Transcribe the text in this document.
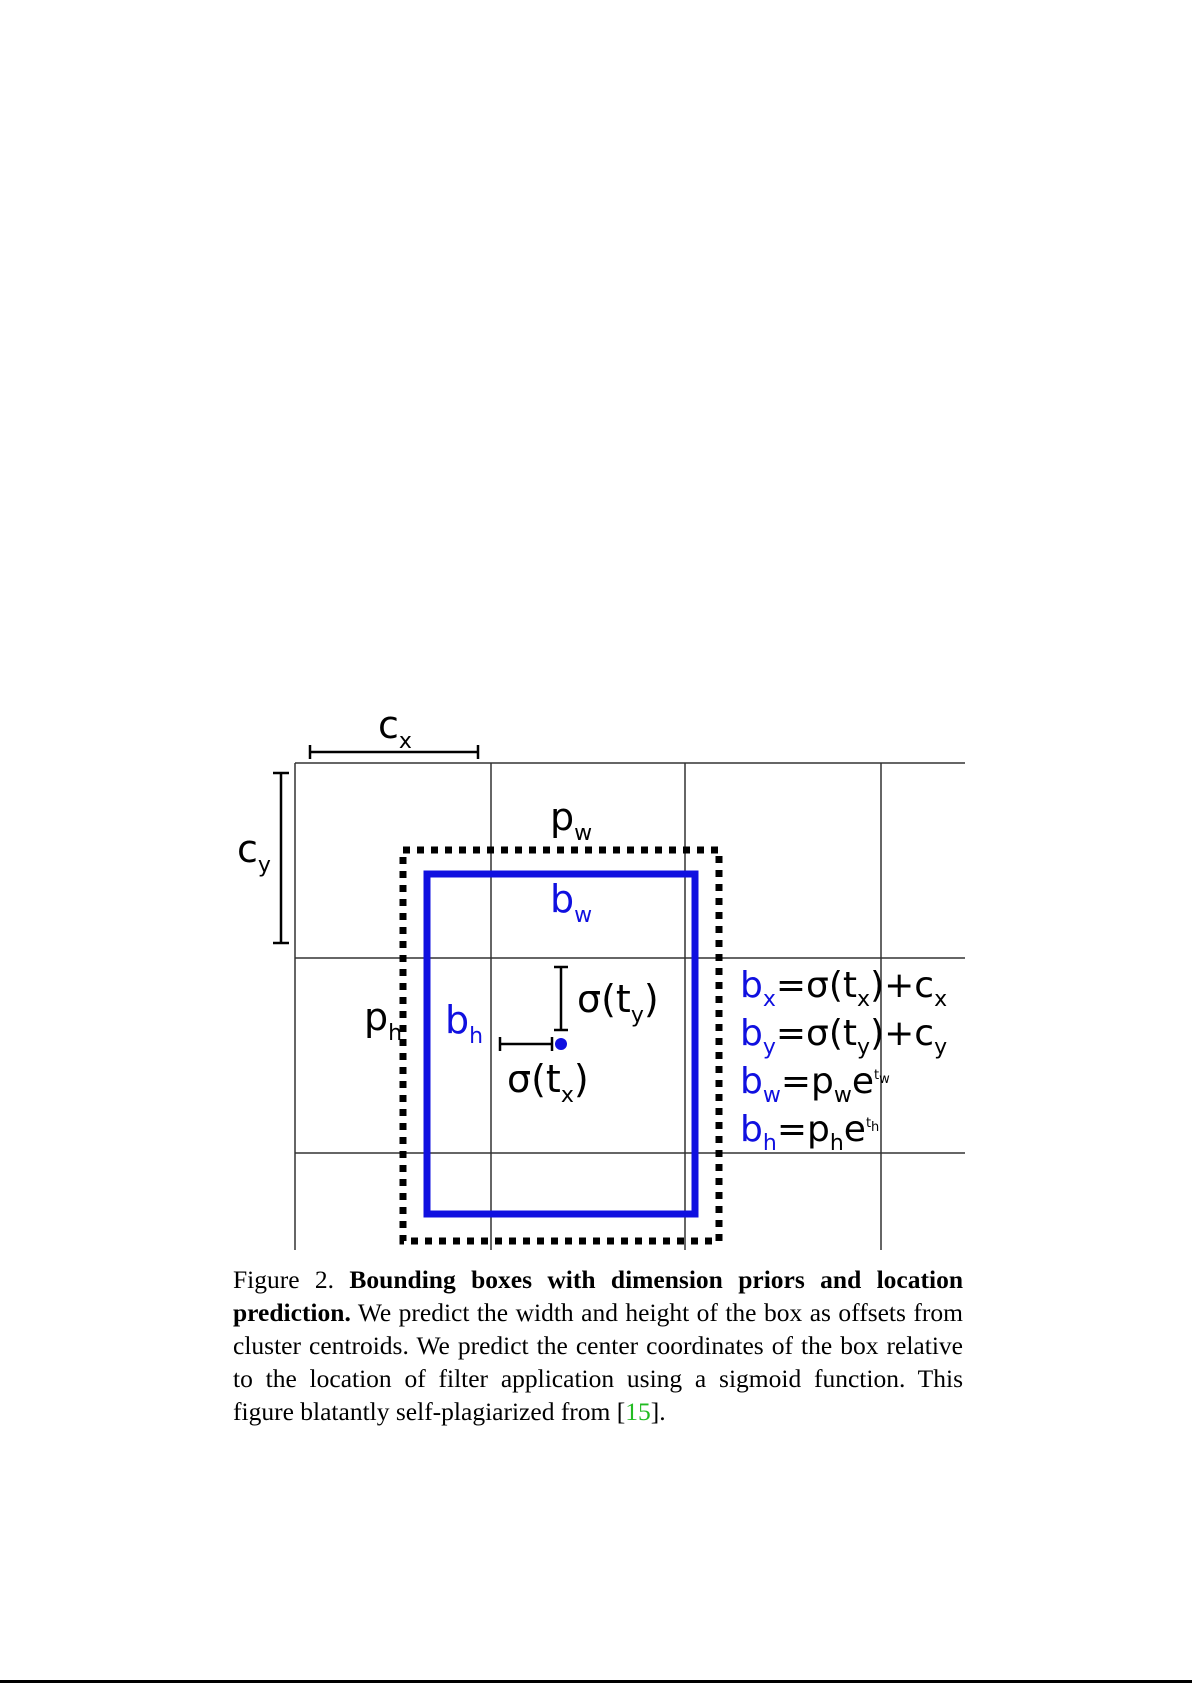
$c_x$
$c_y$
$p_w$
$p_h$
$b_w$
$b_h$
$\sigma(t_y)$
$\sigma(t_x)$
$b_x=\sigma(t_x)+c_x$
$b_y=\sigma(t_y)+c_y$
$b_w=p_we^tw$
$b_h=p_he^th$
Figure 2. Bounding boxes with dimension priors and location prediction. We predict the width and height of the box as offsets from cluster centroids. We predict the center coordinates of the box relative to the location of filter application using a sigmoid function. This figure blatantly self-plagiarized from [15].
